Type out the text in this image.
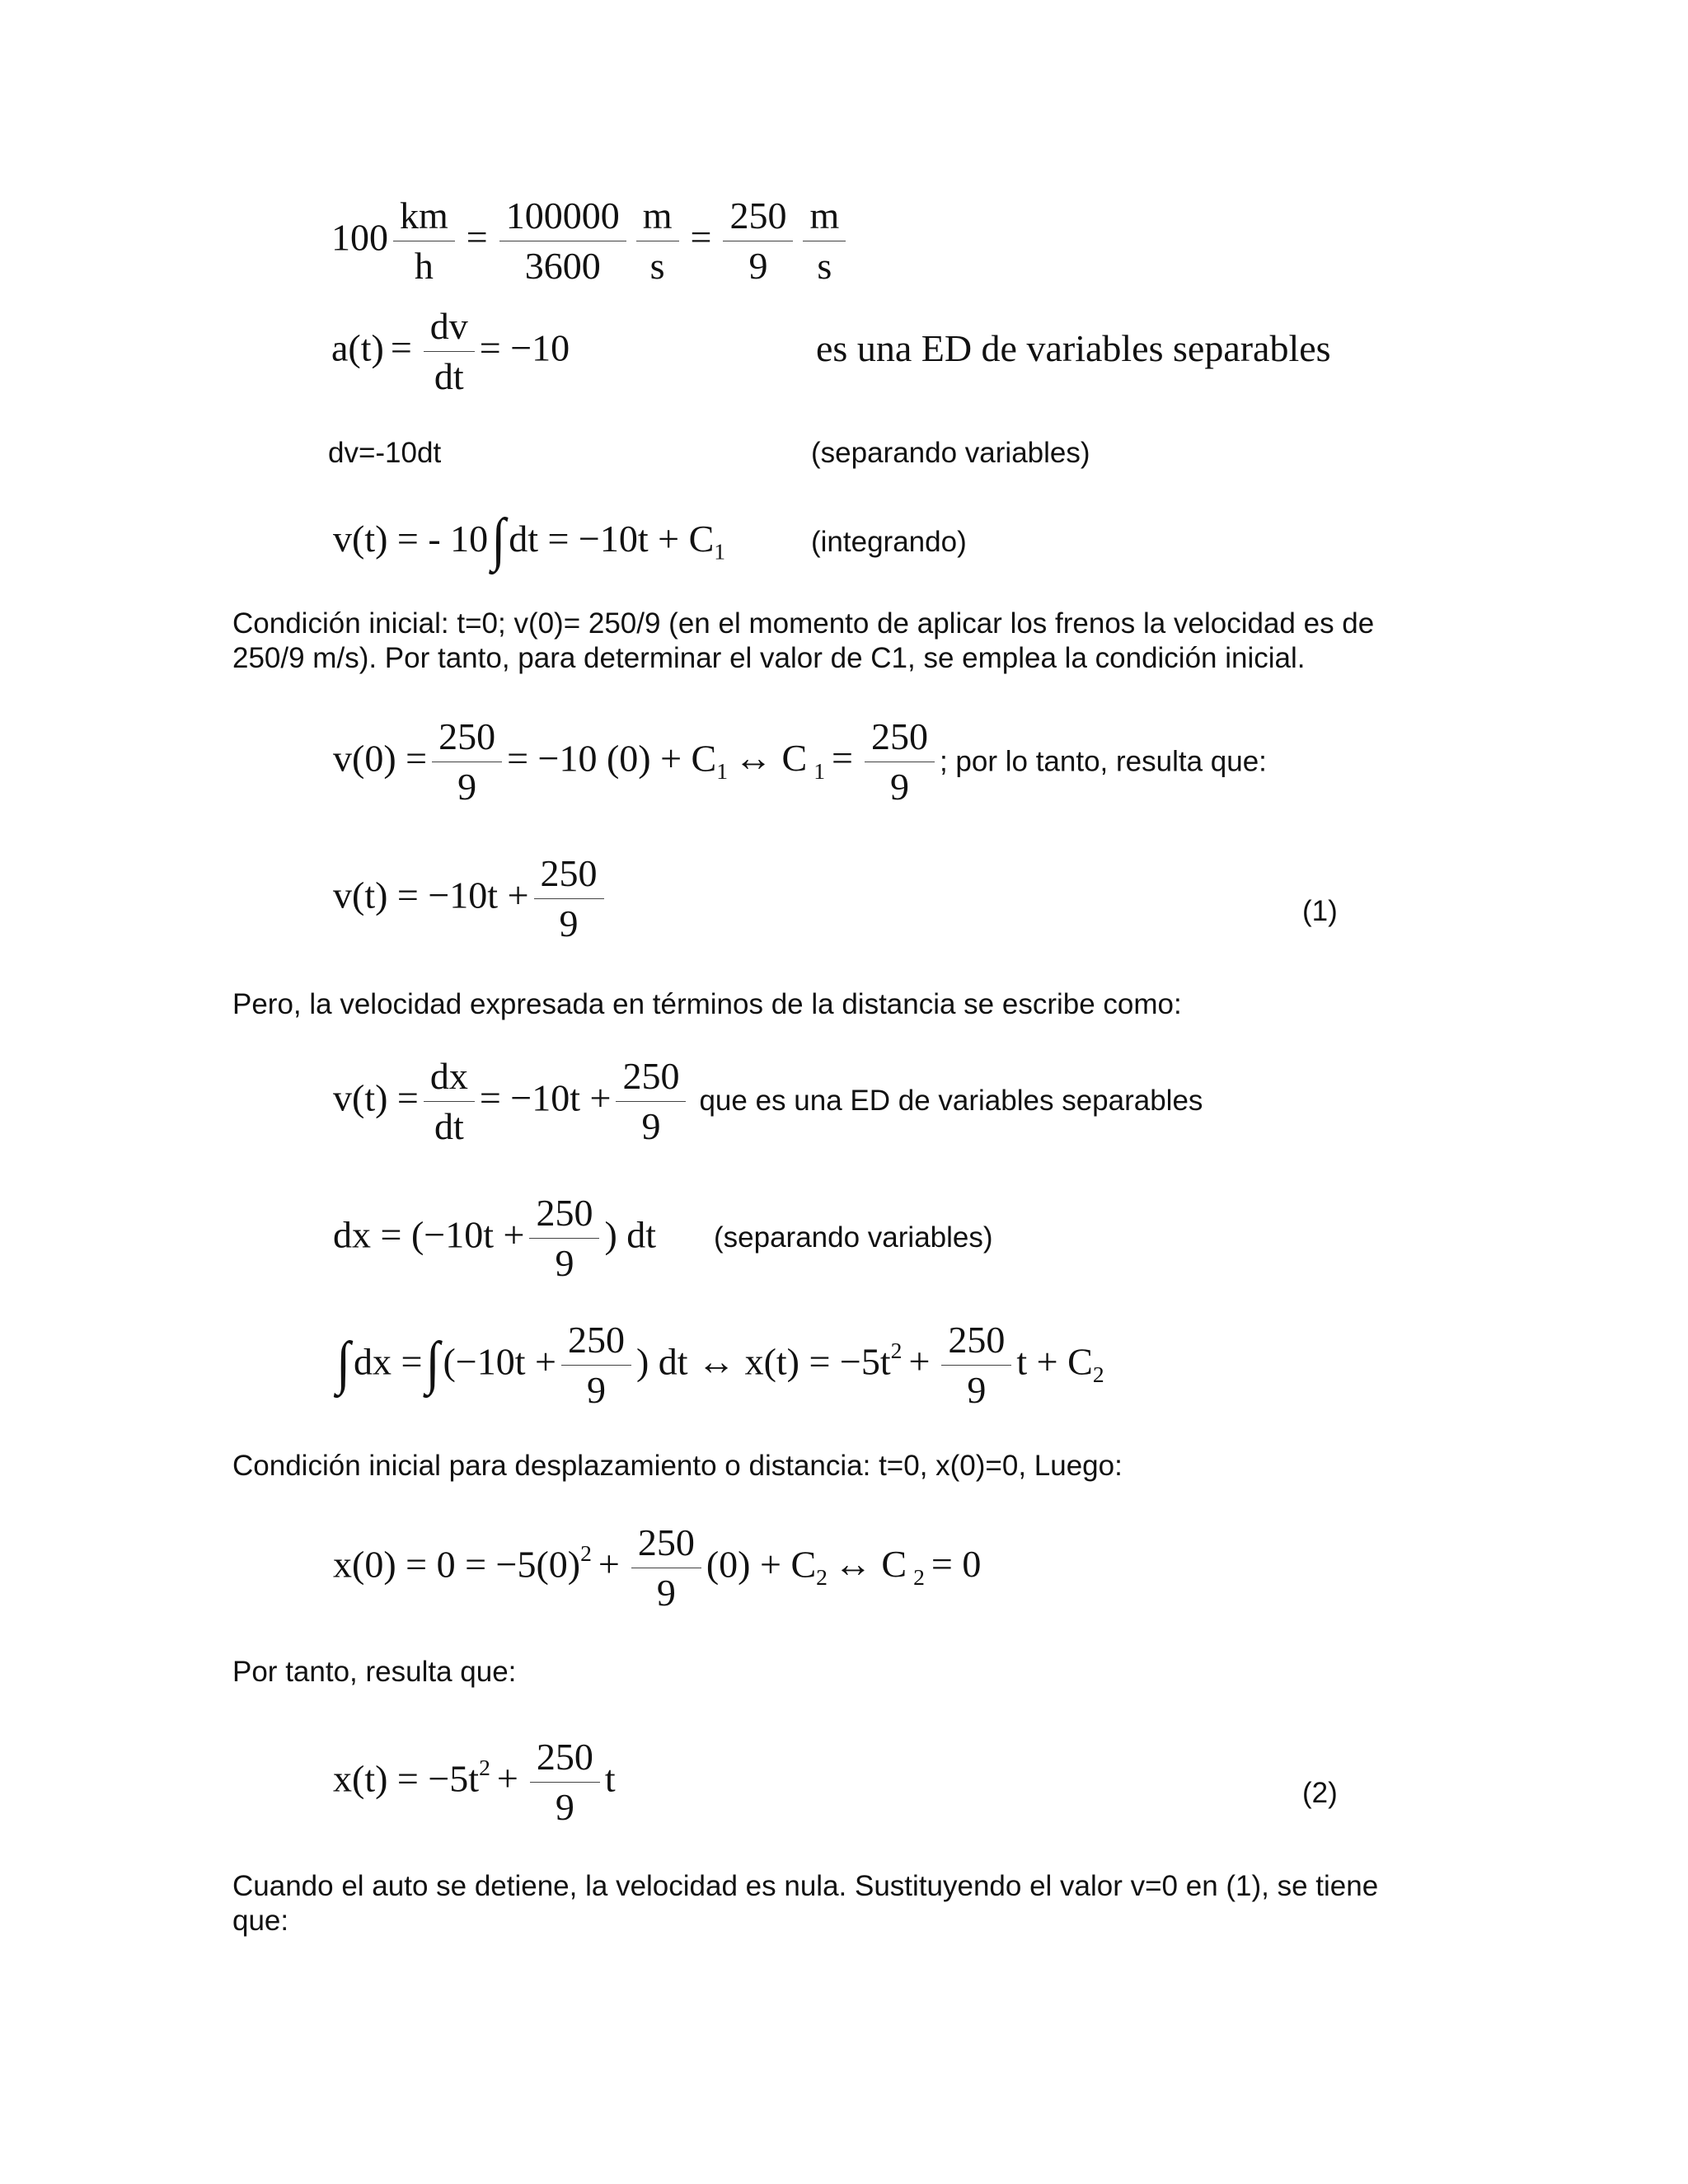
$100 \frac{km}{h} = \frac{100000}{3600} \frac{m}{s} = \frac{250}{9} \frac{m}{s}$
$a(t) = \frac{dv}{dt} = -10$	es una ED de variables separables
dv=-10dt	(separando variables)
v(t) = - $10\int dt = -10t + C_1$	(integrando)
Condición inicial: t=0; v(0)= 250/9 (en el momento de aplicar los frenos la velocidad es de 250/9 m/s). Por tanto, para determinar el valor de C1, se emplea la condición inicial.
$v(0) = \frac{250}{9} = -10$ $(0) + C_1$ ↔ C $_1 = \frac{250}{9}$ ; por lo tanto, resulta que:
$v(t) = -10t + \frac{250}{9}$	(1)
Pero, la velocidad expresada en términos de la distancia se escribe como:
$v(t) = \frac{dx}{dt} = -10t + \frac{250}{9}$ que es una ED de variables separables
dx = ($-10t + \frac{250}{9}$ ) dt (separando variables)
$\int dx =\int(-10t + \frac{250}{9}$ ) dt ↔ $x(t) = -5t^2 + \frac{250}{9}$ $t + C_2$
Condición inicial para desplazamiento o distancia: t=0, x(0)=0, Luego:
$x(0) = 0 = -5(0)^2 + \frac{250}{9} (0) + C_2$ ↔ C $_2$ = 0
Por tanto, resulta que:
$x(t) = -5t^2 + \frac{250}{9}$ t	(2)
Cuando el auto se detiene, la velocidad es nula. Sustituyendo el valor v=0 en (1), se tiene que:
